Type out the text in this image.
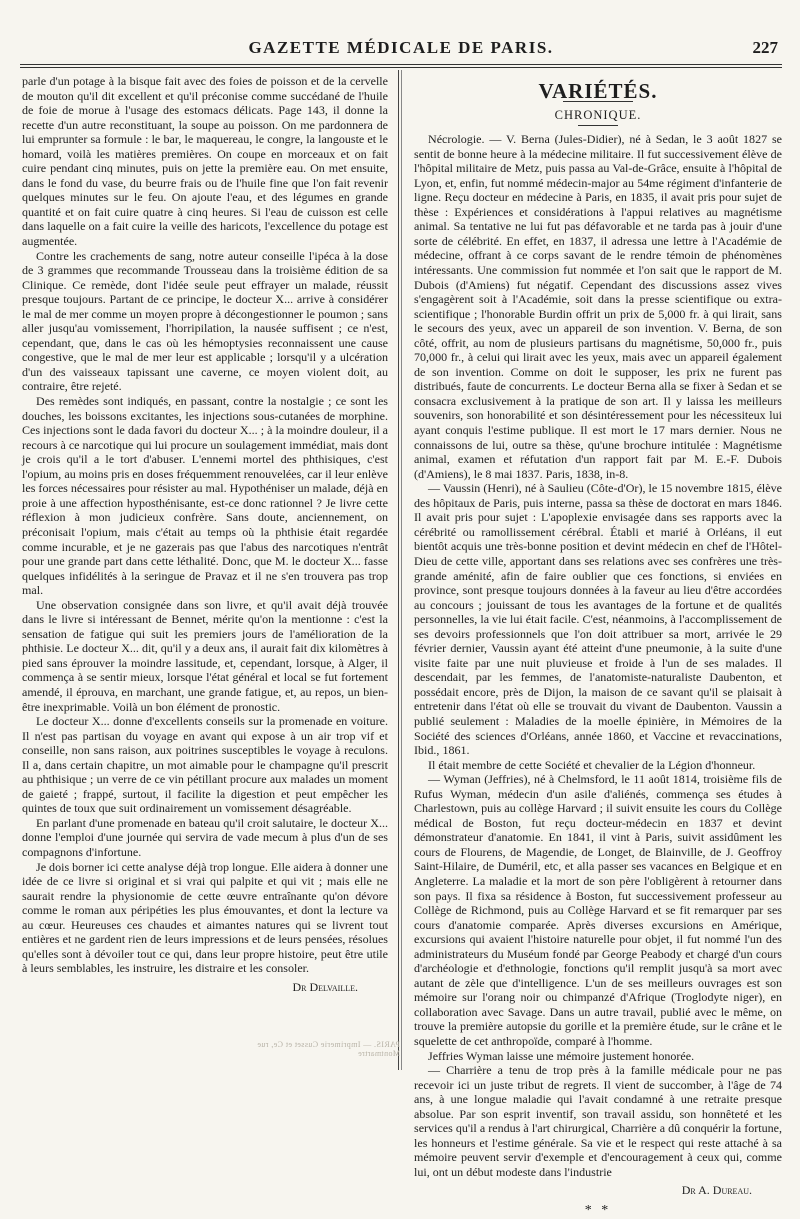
GAZETTE MÉDICALE DE PARIS.	227

parle d'un potage à la bisque fait avec des foies de poisson et de la cervelle de mouton qu'il dit excellent et qu'il préconise comme succédané de l'huile de foie de morue à l'usage des estomacs délicats. Page 143, il donne la recette d'un autre reconstituant, la soupe au poisson. On me pardonnera de lui emprunter sa formule : le bar, le maquereau, le congre, la langouste et le homard, voilà les matières premières. On coupe en morceaux et on fait cuire pendant cinq minutes, puis on jette la première eau. On met ensuite, dans le fond du vase, du beurre frais ou de l'huile fine que l'on fait revenir quelques minutes sur le feu. On ajoute l'eau, et des légumes en grande quantité et on fait cuire quatre à cinq heures. Si l'eau de cuisson est celle dans laquelle on a fait cuire la veille des haricots, l'excellence du potage est augmentée.

Contre les crachements de sang, notre auteur conseille l'ipéca à la dose de 3 grammes que recommande Trousseau dans la troisième édition de sa Clinique. Ce remède, dont l'idée seule peut effrayer un malade, réussit presque toujours. Partant de ce principe, le docteur X... arrive à considérer le mal de mer comme un moyen propre à décongestionner le poumon ; sans aller jusqu'au vomissement, l'horripilation, la nausée suffisent ; ce n'est, cependant, que, dans le cas où les hémoptysies reconnaissent une cause congestive, que le mal de mer leur est applicable ; lorsqu'il y a ulcération d'un des vaisseaux tapissant une caverne, ce moyen violent doit, au contraire, être rejeté.

Des remèdes sont indiqués, en passant, contre la nostalgie ; ce sont les douches, les boissons excitantes, les injections sous-cutanées de morphine. Ces injections sont le dada favori du docteur X... ; à la moindre douleur, il a recours à ce narcotique qui lui procure un soulagement immédiat, mais dont je crois qu'il a le tort d'abuser. L'ennemi mortel des phthisiques, c'est l'opium, au moins pris en doses fréquemment renouvelées, car il leur enlève les forces nécessaires pour résister au mal. Hypothéniser un malade, déjà en proie à une affection hyposthénisante, est-ce donc rationnel ? Je livre cette réflexion à mon judicieux confrère. Sans doute, anciennement, on préconisait l'opium, mais c'était au temps où la phthisie était regardée comme incurable, et je ne gazerais pas que l'abus des narcotiques n'entrât pour une grande part dans cette léthalité. Donc, que M. le docteur X... fasse quelques infidélités à la seringue de Pravaz et il ne s'en trouvera pas trop mal.

Une observation consignée dans son livre, et qu'il avait déjà trouvée dans le livre si intéressant de Bennet, mérite qu'on la mentionne : c'est la sensation de fatigue qui suit les premiers jours de l'amélioration de la phthisie. Le docteur X... dit, qu'il y a deux ans, il aurait fait dix kilomètres à pied sans éprouver la moindre lassitude, et, cependant, lorsque, à Alger, il commença à se sentir mieux, lorsque l'état général et local se fut fortement amendé, il éprouva, en marchant, une grande fatigue, et, au repos, un bien-être inexprimable. Voilà un bon élément de pronostic.

Le docteur X... donne d'excellents conseils sur la promenade en voiture. Il n'est pas partisan du voyage en avant qui expose à un air trop vif et conseille, non sans raison, aux poitrines susceptibles le voyage à reculons. Il a, dans certain chapitre, un mot aimable pour le champagne qu'il prescrit au phthisique ; un verre de ce vin pétillant procure aux malades un moment de gaieté ; frappé, surtout, il facilite la digestion et peut empêcher les quintes de toux que suit ordinairement un vomissement désagréable.

En parlant d'une promenade en bateau qu'il croit salutaire, le docteur X... donne l'emploi d'une journée qui servira de vade mecum à plus d'un de ses compagnons d'infortune.

Je dois borner ici cette analyse déjà trop longue. Elle aidera à donner une idée de ce livre si original et si vrai qui palpite et qui vit ; mais elle ne saurait rendre la physionomie de cette œuvre entraînante qu'on dévore comme le roman aux péripéties les plus émouvantes, et dont la lecture va au cœur. Heureuses ces chaudes et aimantes natures qui se livrent tout entières et ne gardent rien de leurs impressions et de leurs pensées, résolues qu'elles sont à dévoiler tout ce qui, dans leur propre histoire, peut être utile à leurs semblables, les instruire, les distraire et les consoler.

Dr Delvaille.
VARIÉTÉS.
CHRONIQUE.

Nécrologie. — V. Berna (Jules-Didier), né à Sedan, le 3 août 1827 se sentit de bonne heure à la médecine militaire. Il fut successivement élève de l'hôpital militaire de Metz, puis passa au Val-de-Grâce, ensuite à l'hôpital de Lyon, et, enfin, fut nommé médecin-major au 54me régiment d'infanterie de ligne. Reçu docteur en médecine à Paris, en 1835, il avait pris pour sujet de thèse : Expériences et considérations à l'appui relatives au magnétisme animal. Sa tentative ne lui fut pas défavorable et ne tarda pas à jouir d'une sorte de célébrité. En effet, en 1837, il adressa une lettre à l'Académie de médecine, offrant à ce corps savant de le rendre témoin de phénomènes intéressants. Une commission fut nommée et l'on sait que le rapport de M. Dubois (d'Amiens) fut négatif. Cependant des discussions assez vives s'engagèrent soit à l'Académie, soit dans la presse scientifique ou extra-scientifique ; l'honorable Burdin offrit un prix de 5,000 fr. à qui lirait, sans le secours des yeux, avec un appareil de son invention. V. Berna, de son côté, offrit, au nom de plusieurs partisans du magnétisme, 50,000 fr., puis 70,000 fr., à celui qui lirait avec les yeux, mais avec un appareil également de son invention. Comme on doit le supposer, les prix ne furent pas distribués, faute de concurrents. Le docteur Berna alla se fixer à Sedan et se consacra exclusivement à la pratique de son art. Il y laissa les meilleurs souvenirs, son honorabilité et son désintéressement pour les nécessiteux lui ayant conquis l'estime publique. Il est mort le 17 mars dernier. Nous ne connaissons de lui, outre sa thèse, qu'une brochure intitulée : Magnétisme animal, examen et réfutation d'un rapport fait par M. E.-F. Dubois (d'Amiens), le 8 mai 1837. Paris, 1838, in-8.

— Vaussin (Henri), né à Saulieu (Côte-d'Or), le 15 novembre 1815, élève des hôpitaux de Paris, puis interne, passa sa thèse de doctorat en mars 1846. Il avait pris pour sujet : L'apoplexie envisagée dans ses rapports avec la cérébrité ou ramollissement cérébral. Établi et marié à Orléans, il eut bientôt acquis une très-bonne position et devint médecin en chef de l'Hôtel-Dieu de cette ville, apportant dans ses relations avec ses confrères une très-grande aménité, afin de faire oublier que ces fonctions, si enviées en province, sont presque toujours données à la faveur au lieu d'être accordées au concours ; jouissant de tous les avantages de la fortune et de qualités personnelles, la vie lui était facile. C'est, néanmoins, à l'accomplissement de ses devoirs professionnels que l'on doit attribuer sa mort, arrivée le 29 février dernier, Vaussin ayant été atteint d'une pneumonie, à la suite d'une visite faite par une nuit pluvieuse et froide à l'un de ses malades. Il descendait, par les femmes, de l'anatomiste-naturaliste Daubenton, et possédait encore, près de Dijon, la maison de ce savant qu'il se plaisait à entretenir dans l'état où elle se trouvait du vivant de Daubenton. Vaussin a publié seulement : Maladies de la moelle épinière, in Mémoires de la Société des sciences d'Orléans, année 1860, et Vaccine et revaccinations, Ibid., 1861.

Il était membre de cette Société et chevalier de la Légion d'honneur.

— Wyman (Jeffries), né à Chelmsford, le 11 août 1814, troisième fils de Rufus Wyman, médecin d'un asile d'aliénés, commença ses études à Charlestown, puis au collège Harvard ; il suivit ensuite les cours du Collège médical de Boston, fut reçu docteur-médecin en 1837 et devint démonstrateur d'anatomie. En 1841, il vint à Paris, suivit assidûment les cours de Flourens, de Magendie, de Longet, de Blainville, de J. Geoffroy Saint-Hilaire, de Duméril, etc, et alla passer ses vacances en Belgique et en Angleterre. La maladie et la mort de son père l'obligèrent à retourner dans son pays. Il fixa sa résidence à Boston, fut successivement professeur au Collège de Richmond, puis au Collège Harvard et se fit remarquer par ses cours d'anatomie comparée. Après diverses excursions en Amérique, excursions qui avaient l'histoire naturelle pour objet, il fut nommé l'un des administrateurs du Muséum fondé par George Peabody et chargé d'un cours d'archéologie et d'ethnologie, fonctions qu'il remplit jusqu'à sa mort avec autant de zèle que d'intelligence. L'un de ses meilleurs ouvrages est son mémoire sur l'orang noir ou chimpanzé d'Afrique (Troglodyte niger), en collaboration avec Savage. Dans un autre travail, publié avec le même, on trouve la première autopsie du gorille et la première étude, sur le crâne et le squelette de cet anthropoïde, comparé à l'homme.

Jeffries Wyman laisse une mémoire justement honorée.

— Charrière a tenu de trop près à la famille médicale pour ne pas recevoir ici un juste tribut de regrets. Il vient de succomber, à l'âge de 74 ans, à une longue maladie qui l'avait condamné à une retraite presque absolue. Par son esprit inventif, son travail assidu, son honnêteté et les services qu'il a rendus à l'art chirurgical, Charrière a dû conquérir la fortune, les honneurs et l'estime générale. Sa vie et le respect qui reste attaché à sa mémoire peuvent servir d'exemple et d'encouragement à ceux qui, comme lui, ont un début modeste dans l'industrie

Dr A. Dureau.
* *
PARIS. — Imprimerie Cusset et Ce, rue Montmartre
